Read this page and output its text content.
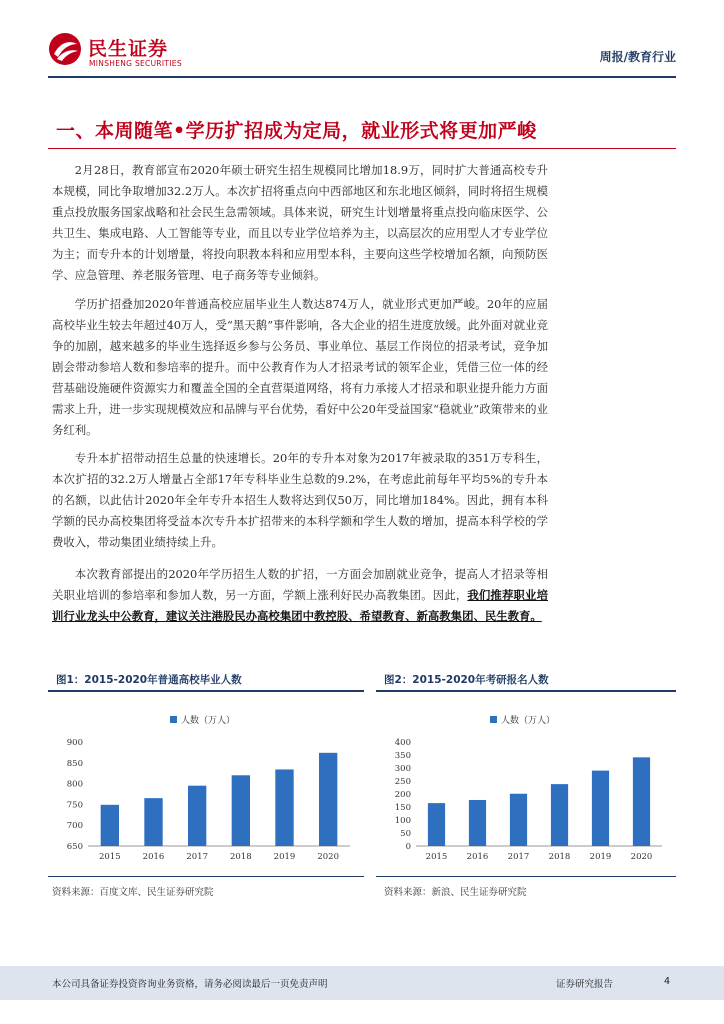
民生证券
MINSHENG SECURITIES	周报/教育行业
一、本周随笔•学历扩招成为定局，就业形式将更加严峻
2月28日，教育部宣布2020年硕士研究生招生规模同比增加18.9万，同时扩大普通高校专升本规模，同比争取增加32.2万人。本次扩招将重点向中西部地区和东北地区倾斜，同时将招生规模重点投放服务国家战略和社会民生急需领域。具体来说，研究生计划增量将重点投向临床医学、公共卫生、集成电路、人工智能等专业，而且以专业学位培养为主，以高层次的应用型人才专业学位为主；而专升本的计划增量，将投向职教本科和应用型本科，主要向这些学校增加名额，向预防医学、应急管理、养老服务管理、电子商务等专业倾斜。
学历扩招叠加2020年普通高校应届毕业生人数达874万人，就业形式更加严峻。20年的应届高校毕业生较去年超过40万人，受“黑天鹅”事件影响，各大企业的招生进度放缓。此外面对就业竞争的加剧，越来越多的毕业生选择返乡参与公务员、事业单位、基层工作岗位的招录考试，竞争加剧会带动参培人数和参培率的提升。而中公教育作为人才招录考试的领军企业，凭借三位一体的经营基础设施硬件资源实力和覆盖全国的全直营渠道网络，将有力承接人才招录和职业提升能力方面需求上升，进一步实现规模效应和品牌与平台优势，看好中公20年受益国家“稳就业”政策带来的业务红利。
专升本扩招带动招生总量的快速增长。20年的专升本对象为2017年被录取的351万专科生，本次扩招的32.2万人增量占全部17年专科毕业生总数的9.2%，在考虑此前每年平均5%的专升本的名额，以此估计2020年全年专升本招生人数将达到仅50万，同比增加184%。因此，拥有本科学额的民办高校集团将受益本次专升本扩招带来的本科学额和学生人数的增加，提高本科学校的学费收入，带动集团业绩持续上升。
本次教育部提出的2020年学历招生人数的扩招，一方面会加剧就业竞争，提高人才招录等相关职业培训的参培率和参加人数，另一方面，学额上涨利好民办高教集团。因此，我们推荐职业培训行业龙头中公教育，建议关注港股民办高校集团中教控股、希望教育、新高教集团、民生教育。
图1：2015-2020年普通高校毕业人数	图2：2015-2020年考研报名人数
人数（万人）
650
700
750
800
850
900
2015	2016	2017	2018	2019	2020
人数（万人）
0
50
100
150
200
250
300
350
400
2015 2016 2017 2018 2019 2020
资料来源：百度文库、民生证券研究院	资料来源：新浪、民生证券研究院
本公司具备证券投资咨询业务资格，请务必阅读最后一页免责声明	证券研究报告	4
